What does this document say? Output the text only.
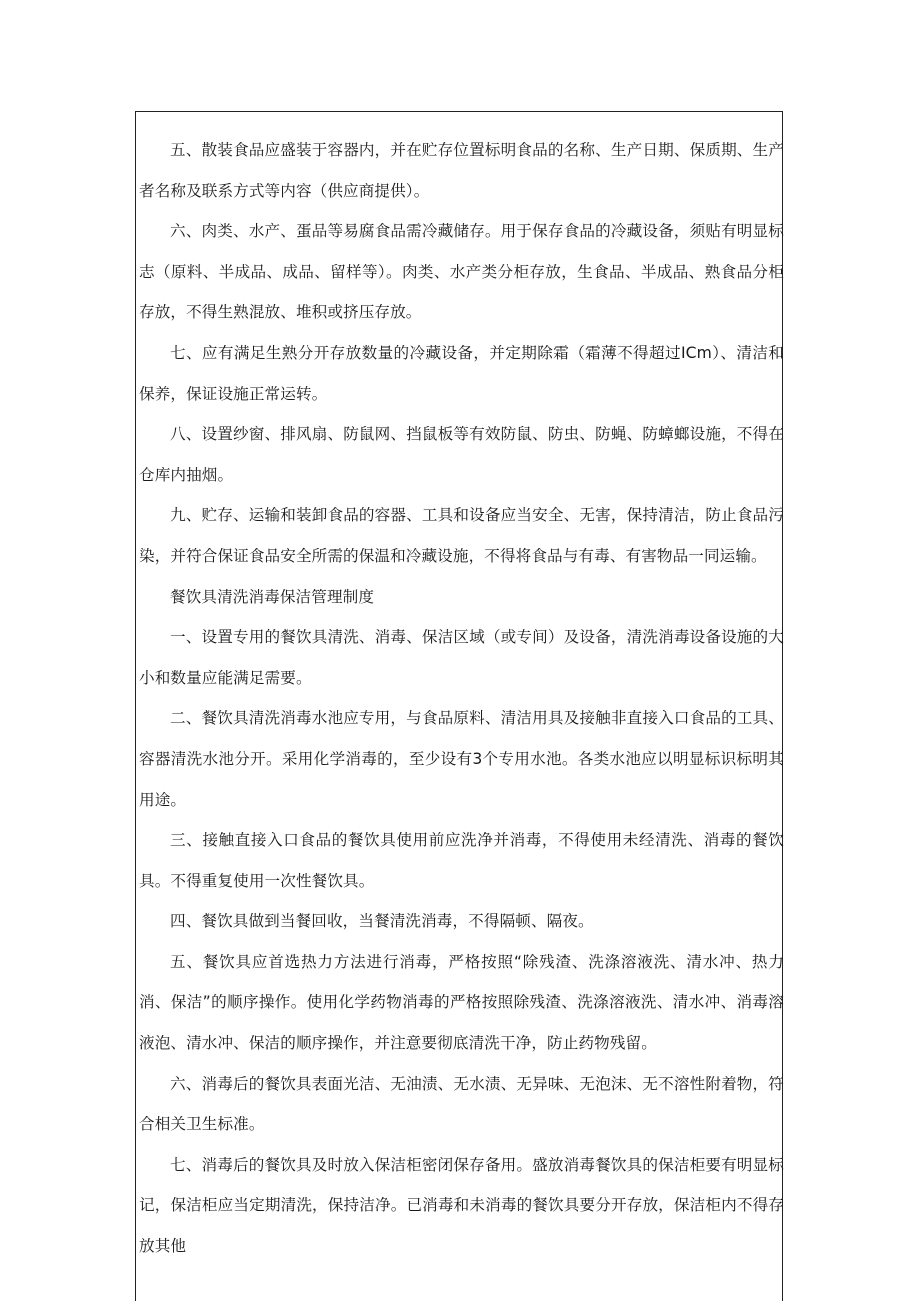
五、散装食品应盛装于容器内，并在贮存位置标明食品的名称、生产日期、保质期、生产者名称及联系方式等内容（供应商提供）。

六、肉类、水产、蛋品等易腐食品需冷藏储存。用于保存食品的冷藏设备，须贴有明显标志（原料、半成品、成品、留样等）。肉类、水产类分柜存放，生食品、半成品、熟食品分柜存放，不得生熟混放、堆积或挤压存放。

七、应有满足生熟分开存放数量的冷藏设备，并定期除霜（霜薄不得超过ICm）、清洁和保养，保证设施正常运转。

八、设置纱窗、排风扇、防鼠网、挡鼠板等有效防鼠、防虫、防蝇、防蟑螂设施，不得在仓库内抽烟。

九、贮存、运输和装卸食品的容器、工具和设备应当安全、无害，保持清洁，防止食品污染，并符合保证食品安全所需的保温和冷藏设施，不得将食品与有毒、有害物品一同运输。

餐饮具清洗消毒保洁管理制度

一、设置专用的餐饮具清洗、消毒、保洁区域（或专间）及设备，清洗消毒设备设施的大小和数量应能满足需要。

二、餐饮具清洗消毒水池应专用，与食品原料、清洁用具及接触非直接入口食品的工具、容器清洗水池分开。采用化学消毒的，至少设有3个专用水池。各类水池应以明显标识标明其用途。

三、接触直接入口食品的餐饮具使用前应洗净并消毒，不得使用未经清洗、消毒的餐饮具。不得重复使用一次性餐饮具。

四、餐饮具做到当餐回收，当餐清洗消毒，不得隔顿、隔夜。

五、餐饮具应首选热力方法进行消毒，严格按照“除残渣、洗涤溶液洗、清水冲、热力消、保洁”的顺序操作。使用化学药物消毒的严格按照除残渣、洗涤溶液洗、清水冲、消毒溶液泡、清水冲、保洁的顺序操作，并注意要彻底清洗干净，防止药物残留。

六、消毒后的餐饮具表面光洁、无油渍、无水渍、无异味、无泡沫、无不溶性附着物，符合相关卫生标准。

七、消毒后的餐饮具及时放入保洁柜密闭保存备用。盛放消毒餐饮具的保洁柜要有明显标记，保洁柜应当定期清洗，保持洁净。已消毒和未消毒的餐饮具要分开存放，保洁柜内不得存放其他
